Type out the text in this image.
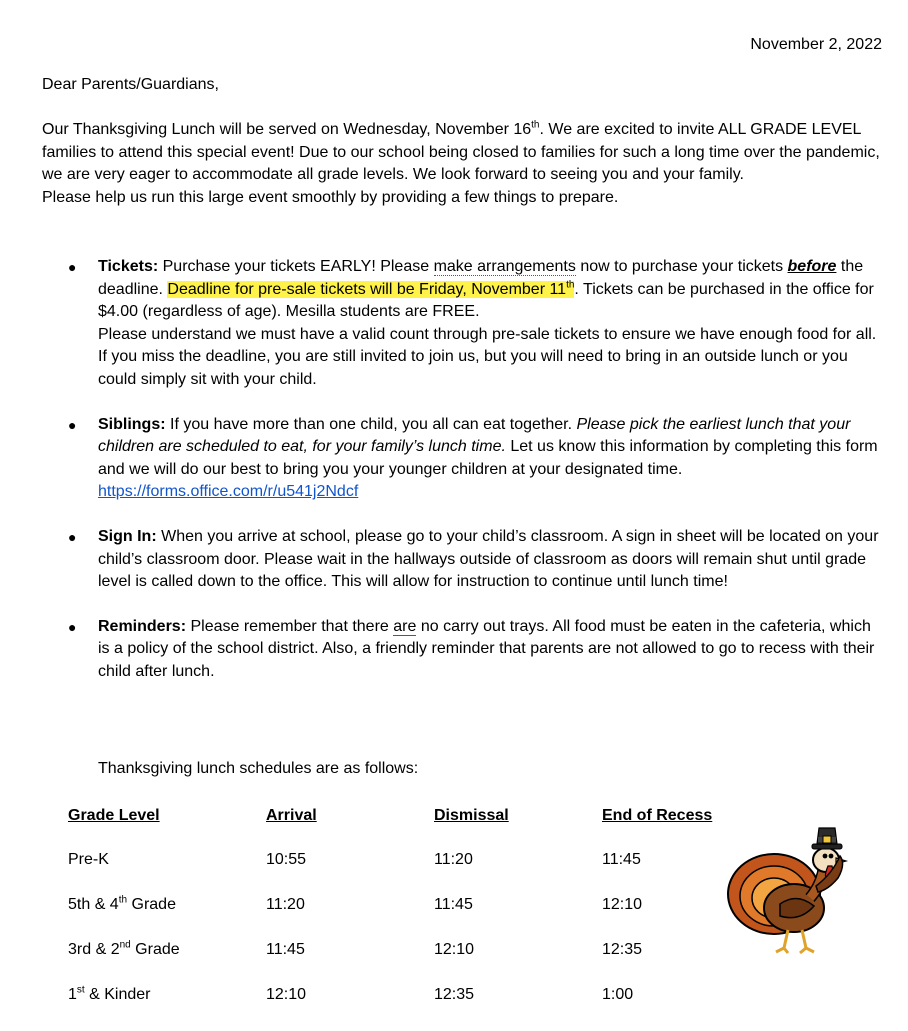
November 2, 2022
Dear Parents/Guardians,

Our Thanksgiving Lunch will be served on Wednesday, November 16th. We are excited to invite ALL GRADE LEVEL families to attend this special event! Due to our school being closed to families for such a long time over the pandemic, we are very eager to accommodate all grade levels. We look forward to seeing you and your family.

Please help us run this large event smoothly by providing a few things to prepare.

● Tickets: Purchase your tickets EARLY! Please make arrangements now to purchase your tickets before the deadline. Deadline for pre-sale tickets will be Friday, November 11th. Tickets can be purchased in the office for $4.00 (regardless of age). Mesilla students are FREE.

Please understand we must have a valid count through pre-sale tickets to ensure we have enough food for all. If you miss the deadline, you are still invited to join us, but you will need to bring in an outside lunch or you could simply sit with your child.

● Siblings: If you have more than one child, you all can eat together. Please pick the earliest lunch that your children are scheduled to eat, for your family’s lunch time. Let us know this information by completing this form and we will do our best to bring you your younger children at your designated time. https://forms.office.com/r/u541j2Ndcf

● Sign In: When you arrive at school, please go to your child’s classroom. A sign in sheet will be located on your child’s classroom door. Please wait in the hallways outside of classroom as doors will remain shut until grade level is called down to the office. This will allow for instruction to continue until lunch time!

● Reminders: Please remember that there are no carry out trays. All food must be eaten in the cafeteria, which is a policy of the school district. Also, a friendly reminder that parents are not allowed to go to recess with their child after lunch.

Thanksgiving lunch schedules are as follows:
Grade Level	Arrival	Dismissal	End of Recess
Pre-K	10:55	11:20	11:45
5th & 4th Grade	11:20	11:45	12:10
3rd & 2nd Grade	11:45	12:10	12:35
1st & Kinder	12:10	12:35	1:00
